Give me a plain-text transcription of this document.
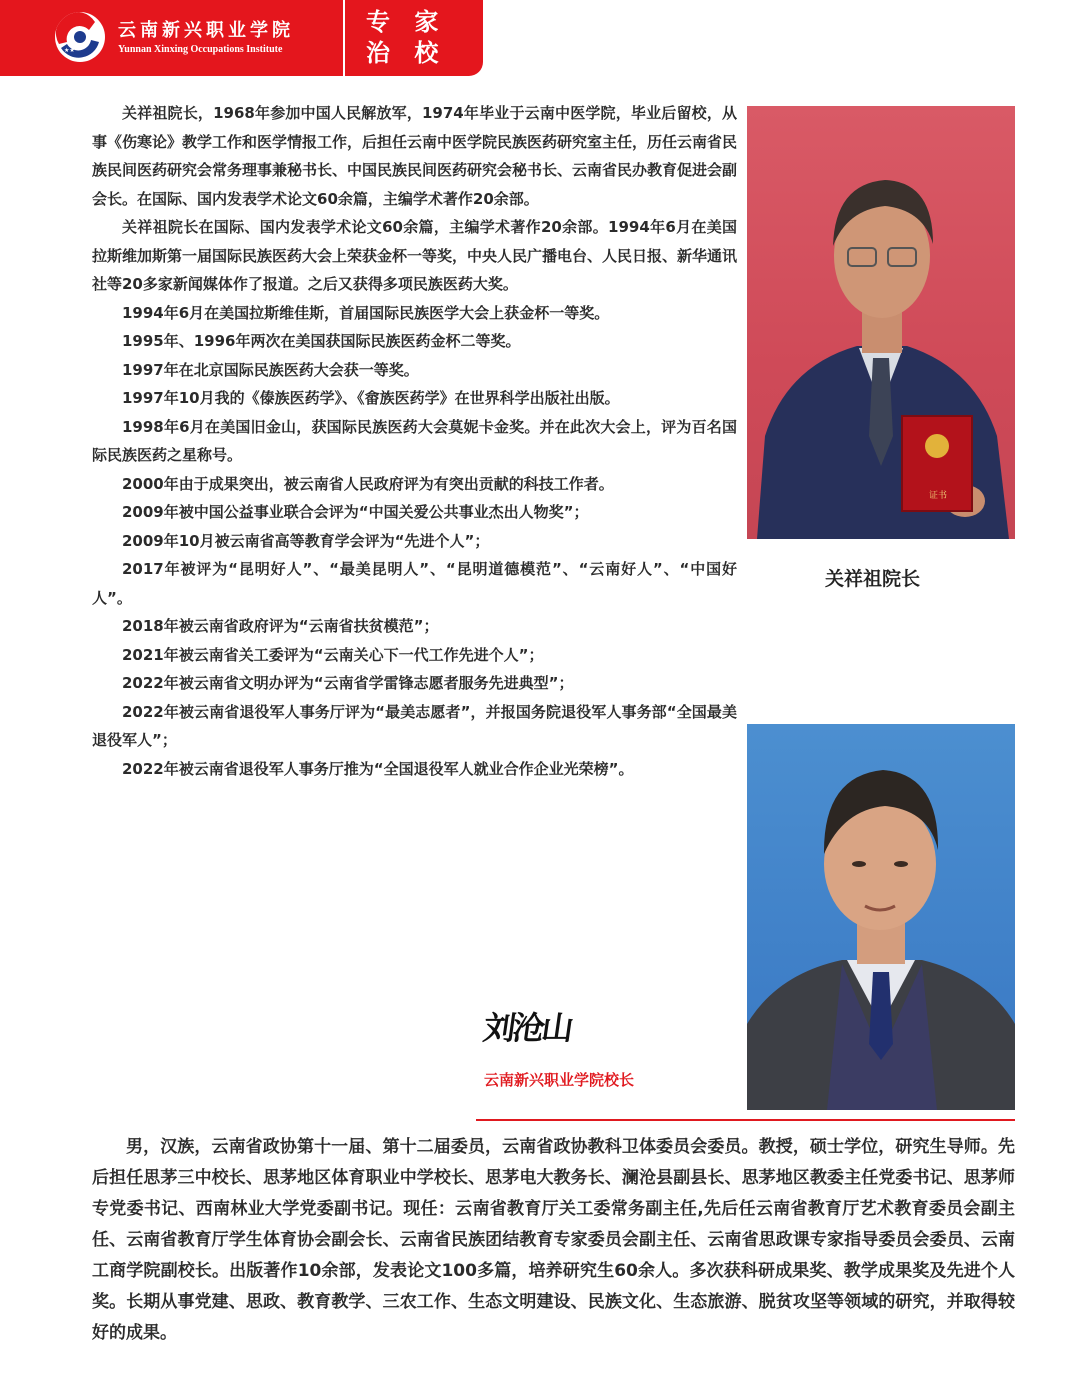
★★
云南新兴职业学院
Yunnan Xinxing Occupations Institute
专 家
治 校
证书

关祥祖院长，1968年参加中国人民解放军，1974年毕业于云南中医学院，毕业后留校，从事《伤寒论》教学工作和医学情报工作，后担任云南中医学院民族医药研究室主任，历任云南省民族民间医药研究会常务理事兼秘书长、中国民族民间医药研究会秘书长、云南省民办教育促进会副会长。在国际、国内发表学术论文60余篇，主编学术著作20余部。

关祥祖院长在国际、国内发表学术论文60余篇，主编学术著作20余部。1994年6月在美国拉斯维加斯第一届国际民族医药大会上荣获金杯一等奖，中央人民广播电台、人民日报、新华通讯社等20多家新闻媒体作了报道。之后又获得多项民族医药大奖。

1994年6月在美国拉斯维佳斯，首届国际民族医学大会上获金杯一等奖。

1995年、1996年两次在美国获国际民族医药金杯二等奖。

1997年在北京国际民族医药大会获一等奖。

1997年10月我的《傣族医药学》、《畲族医药学》在世界科学出版社出版。

1998年6月在美国旧金山，获国际民族医药大会莫妮卡金奖。并在此次大会上，评为百名国际民族医药之星称号。

2000年由于成果突出，被云南省人民政府评为有突出贡献的科技工作者。

2009年被中国公益事业联合会评为“中国关爱公共事业杰出人物奖”；

2009年10月被云南省高等教育学会评为“先进个人”；

2017年被评为“昆明好人”、“最美昆明人”、“昆明道德模范”、“云南好人”、“中国好人”。

2018年被云南省政府评为“云南省扶贫模范”；

2021年被云南省关工委评为“云南关心下一代工作先进个人”；

2022年被云南省文明办评为“云南省学雷锋志愿者服务先进典型”；

2022年被云南省退役军人事务厅评为“最美志愿者”，并报国务院退役军人事务部“全国最美退役军人”；

2022年被云南省退役军人事务厅推为“全国退役军人就业合作企业光荣榜”。

关祥祖院长
刘沧山
云南新兴职业学院校长

男，汉族，云南省政协第十一届、第十二届委员，云南省政协教科卫体委员会委员。教授，硕士学位，研究生导师。先后担任思茅三中校长、思茅地区体育职业中学校长、思茅电大教务长、澜沧县副县长、思茅地区教委主任党委书记、思茅师专党委书记、西南林业大学党委副书记。现任：云南省教育厅关工委常务副主任,先后任云南省教育厅艺术教育委员会副主任、云南省教育厅学生体育协会副会长、云南省民族团结教育专家委员会副主任、云南省思政课专家指导委员会委员、云南工商学院副校长。出版著作10余部，发表论文100多篇，培养研究生60余人。多次获科研成果奖、教学成果奖及先进个人奖。长期从事党建、思政、教育教学、三农工作、生态文明建设、民族文化、生态旅游、脱贫攻坚等领域的研究，并取得较好的成果。
